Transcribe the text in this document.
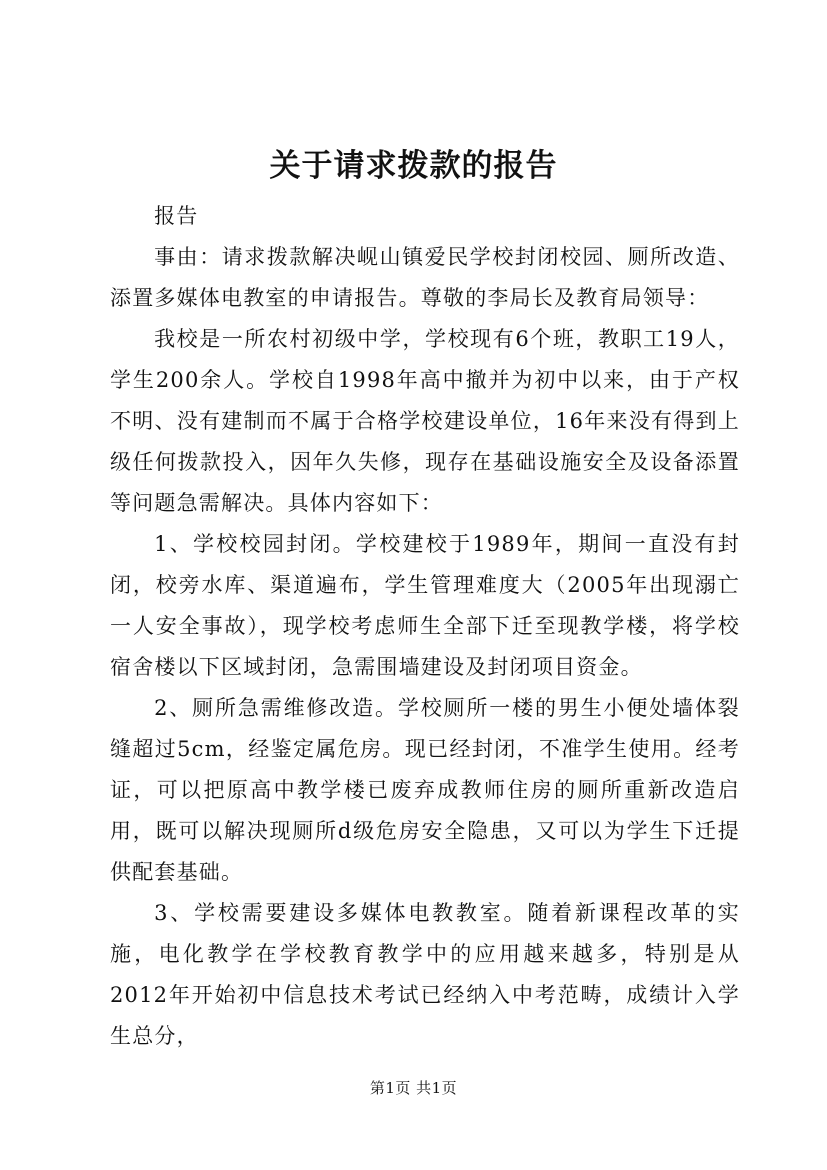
关于请求拨款的报告

报告

事由：请求拨款解决岘山镇爱民学校封闭校园、厕所改造、添置多媒体电教室的申请报告。尊敬的李局长及教育局领导：

我校是一所农村初级中学，学校现有6个班，教职工19人，学生200余人。学校自1998年高中撤并为初中以来，由于产权不明、没有建制而不属于合格学校建设单位，16年来没有得到上级任何拨款投入，因年久失修，现存在基础设施安全及设备添置等问题急需解决。具体内容如下：

1、学校校园封闭。学校建校于1989年，期间一直没有封闭，校旁水库、渠道遍布，学生管理难度大（2005年出现溺亡一人安全事故），现学校考虑师生全部下迁至现教学楼，将学校宿舍楼以下区域封闭，急需围墙建设及封闭项目资金。

2、厕所急需维修改造。学校厕所一楼的男生小便处墙体裂缝超过5cm，经鉴定属危房。现已经封闭，不准学生使用。经考证，可以把原高中教学楼已废弃成教师住房的厕所重新改造启用，既可以解决现厕所d级危房安全隐患，又可以为学生下迁提供配套基础。

3、学校需要建设多媒体电教教室。随着新课程改革的实施，电化教学在学校教育教学中的应用越来越多，特别是从2012年开始初中信息技术考试已经纳入中考范畴，成绩计入学生总分，

第1页 共1页
